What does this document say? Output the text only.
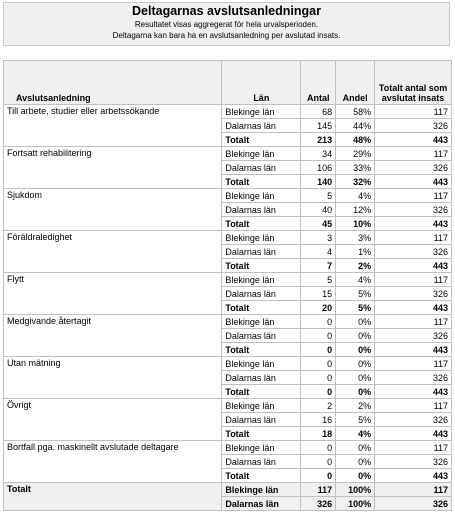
Deltagarnas avslutsanledningar
Resultatet visas aggregerat för hela urvalsperioden.
Deltagarna kan bara ha en avslutsanledning per avslutad insats.
Avslutsanledning	Län	Antal	Andel	Totalt antal som avslutat insats
Till arbete, studier eller arbetssökande	Blekinge län	68	58%	117
	Dalarnas län	145	44%	326
	Totalt	213	48%	443
Fortsatt rehabilitering	Blekinge län	34	29%	117
	Dalarnas län	106	33%	326
	Totalt	140	32%	443
Sjukdom	Blekinge län	5	4%	117
	Dalarnas län	40	12%	326
	Totalt	45	10%	443
Föräldraledighet	Blekinge län	3	3%	117
	Dalarnas län	4	1%	326
	Totalt	7	2%	443
Flytt	Blekinge län	5	4%	117
	Dalarnas län	15	5%	326
	Totalt	20	5%	443
Medgivande återtagit	Blekinge län	0	0%	117
	Dalarnas län	0	0%	326
	Totalt	0	0%	443
Utan mätning	Blekinge län	0	0%	117
	Dalarnas län	0	0%	326
	Totalt	0	0%	443
Övrigt	Blekinge län	2	2%	117
	Dalarnas län	16	5%	326
	Totalt	18	4%	443
Bortfall pga. maskinellt avslutade deltagare	Blekinge län	0	0%	117
	Dalarnas län	0	0%	326
	Totalt	0	0%	443
Totalt	Blekinge län	117	100%	117
	Dalarnas län	326	100%	326
